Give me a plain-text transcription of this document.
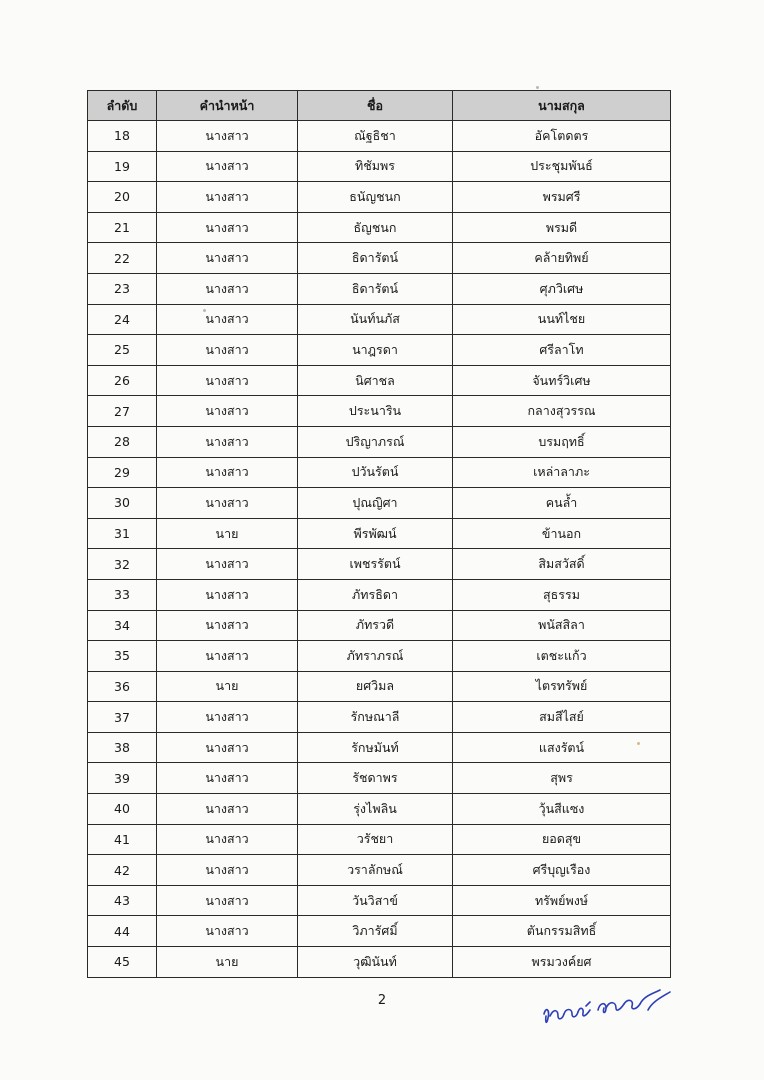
ลำดับ	คำนำหน้า	ชื่อ	นามสกุล
18	นางสาว	ณัฐธิชา	อัคโตดตร
19	นางสาว	ทิชัมพร	ประชุมพันธ์
20	นางสาว	ธนัญชนก	พรมศรี
21	นางสาว	ธัญชนก	พรมดี
22	นางสาว	ธิดารัตน์	คล้ายทิพย์
23	นางสาว	ธิดารัตน์	ศุภวิเศษ
24	นางสาว	นันท์นภัส	นนท์ไชย
25	นางสาว	นาฎรดา	ศรีลาโท
26	นางสาว	นิศาชล	จันทร์วิเศษ
27	นางสาว	ประนาริน	กลางสุวรรณ
28	นางสาว	ปริญาภรณ์	บรมฤทธิ์
29	นางสาว	ปวันรัตน์	เหล่าลาภะ
30	นางสาว	ปุณญิศา	คนล้ำ
31	นาย	พีรพัฒน์	ข้านอก
32	นางสาว	เพชรรัตน์	สิมสวัสดิ์
33	นางสาว	ภัทรธิดา	สุธรรม
34	นางสาว	ภัทรวดี	พนัสสิลา
35	นางสาว	ภัทราภรณ์	เตชะแก้ว
36	นาย	ยศวิมล	ไตรทรัพย์
37	นางสาว	รักษณาลี	สมสีไสย์
38	นางสาว	รักษมันท์	แสงรัตน์
39	นางสาว	รัชดาพร	สุพร
40	นางสาว	รุ่งไพลิน	วุ้นสีแซง
41	นางสาว	วรัชยา	ยอดสุข
42	นางสาว	วราลักษณ์	ศรีบุญเรือง
43	นางสาว	วันวิสาข์	ทรัพย์พงษ์
44	นางสาว	วิภารัศมิ์	ตันกรรมสิทธิ์
45	นาย	วุฒินันท์	พรมวงค์ยศ
2
